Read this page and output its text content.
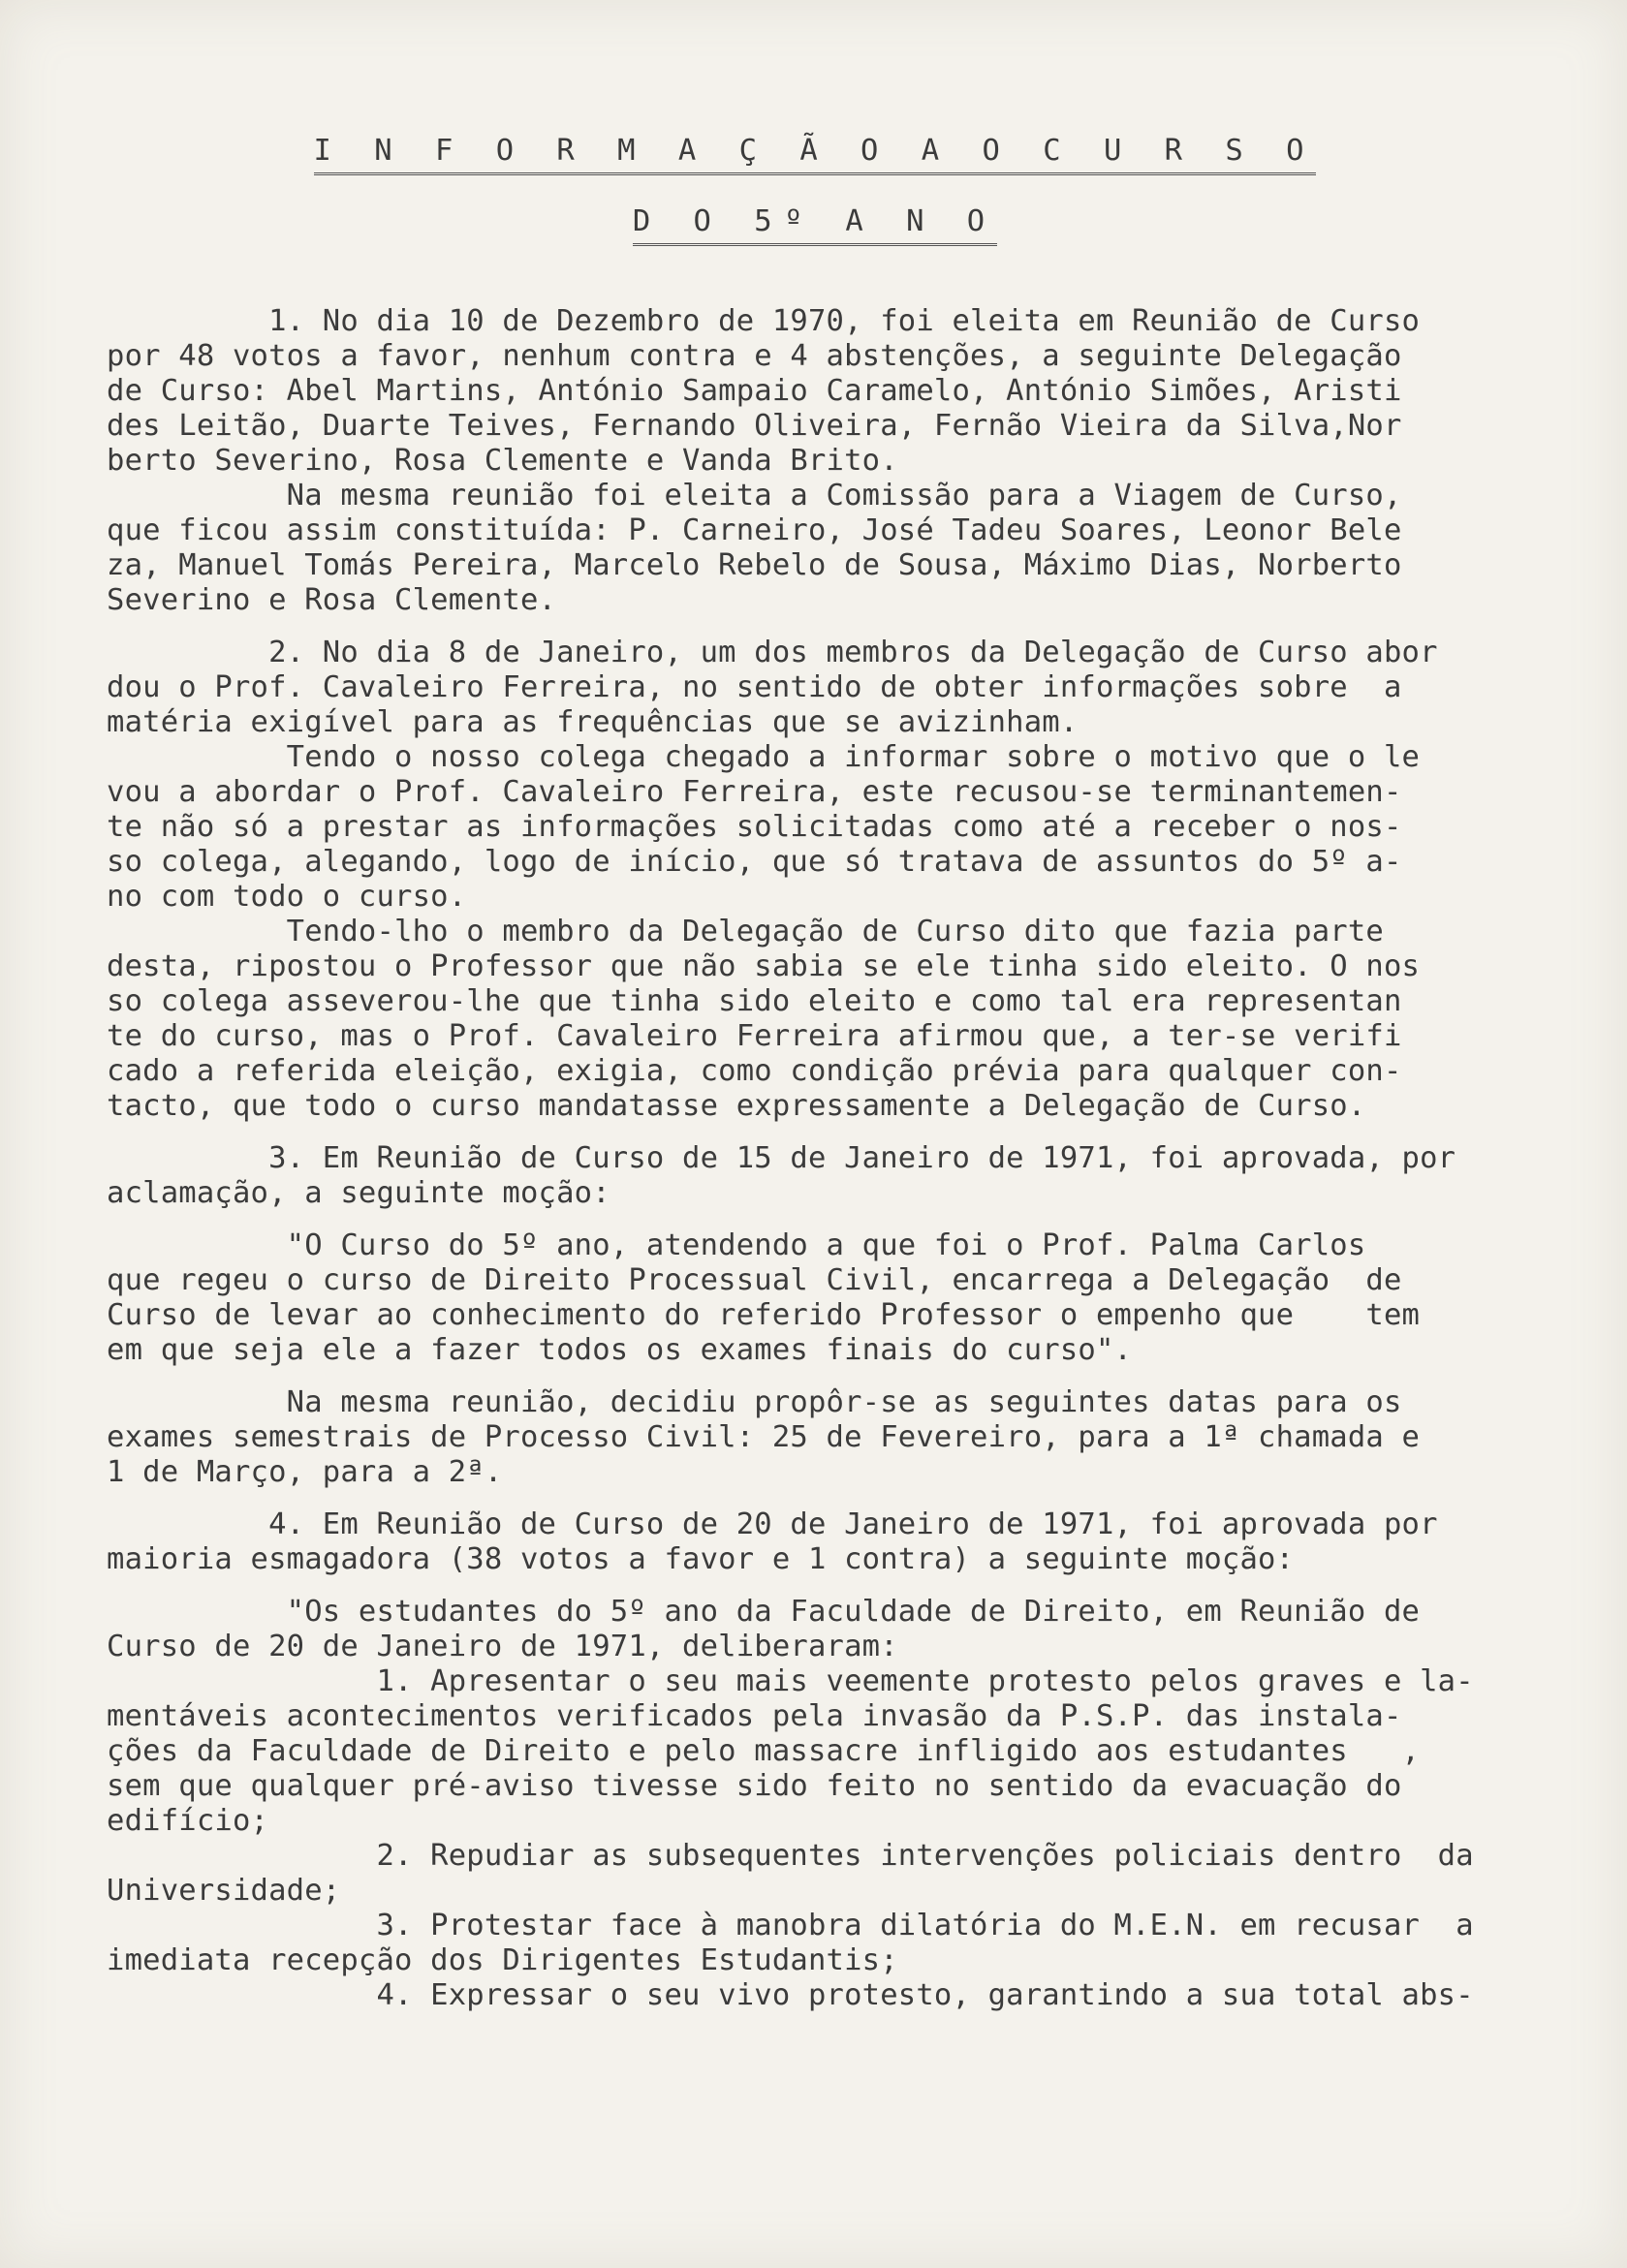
I N F O R M A Ç Ã O A O C U R S O
D O 5º A N O
1. No dia 10 de Dezembro de 1970, foi eleita em Reunião de Curso
por 48 votos a favor, nenhum contra e 4 abstenções, a seguinte Delegação
de Curso: Abel Martins, António Sampaio Caramelo, António Simões, Aristi
des Leitão, Duarte Teives, Fernando Oliveira, Fernão Vieira da Silva,Nor
berto Severino, Rosa Clemente e Vanda Brito.
Na mesma reunião foi eleita a Comissão para a Viagem de Curso,
que ficou assim constituída: P. Carneiro, José Tadeu Soares, Leonor Bele
za, Manuel Tomás Pereira, Marcelo Rebelo de Sousa, Máximo Dias, Norberto
Severino e Rosa Clemente.
2. No dia 8 de Janeiro, um dos membros da Delegação de Curso abor
dou o Prof. Cavaleiro Ferreira, no sentido de obter informações sobre  a
matéria exigível para as frequências que se avizinham.
Tendo o nosso colega chegado a informar sobre o motivo que o le
vou a abordar o Prof. Cavaleiro Ferreira, este recusou-se terminantemen-
te não só a prestar as informações solicitadas como até a receber o nos-
so colega, alegando, logo de início, que só tratava de assuntos do 5º a-
no com todo o curso.
Tendo-lho o membro da Delegação de Curso dito que fazia parte
desta, ripostou o Professor que não sabia se ele tinha sido eleito. O nos
so colega asseverou-lhe que tinha sido eleito e como tal era representan
te do curso, mas o Prof. Cavaleiro Ferreira afirmou que, a ter-se verifi
cado a referida eleição, exigia, como condição prévia para qualquer con-
tacto, que todo o curso mandatasse expressamente a Delegação de Curso.
3. Em Reunião de Curso de 15 de Janeiro de 1971, foi aprovada, por
aclamação, a seguinte moção:
"O Curso do 5º ano, atendendo a que foi o Prof. Palma Carlos
que regeu o curso de Direito Processual Civil, encarrega a Delegação  de
Curso de levar ao conhecimento do referido Professor o empenho que    tem
em que seja ele a fazer todos os exames finais do curso".
Na mesma reunião, decidiu propôr-se as seguintes datas para os
exames semestrais de Processo Civil: 25 de Fevereiro, para a 1ª chamada e
1 de Março, para a 2ª.
4. Em Reunião de Curso de 20 de Janeiro de 1971, foi aprovada por
maioria esmagadora (38 votos a favor e 1 contra) a seguinte moção:
"Os estudantes do 5º ano da Faculdade de Direito, em Reunião de
Curso de 20 de Janeiro de 1971, deliberaram:
1. Apresentar o seu mais veemente protesto pelos graves e la-
mentáveis acontecimentos verificados pela invasão da P.S.P. das instala-
ções da Faculdade de Direito e pelo massacre infligido aos estudantes   ,
sem que qualquer pré-aviso tivesse sido feito no sentido da evacuação do
edifício;
2. Repudiar as subsequentes intervenções policiais dentro  da
Universidade;
3. Protestar face à manobra dilatória do M.E.N. em recusar  a
imediata recepção dos Dirigentes Estudantis;
4. Expressar o seu vivo protesto, garantindo a sua total abs-
